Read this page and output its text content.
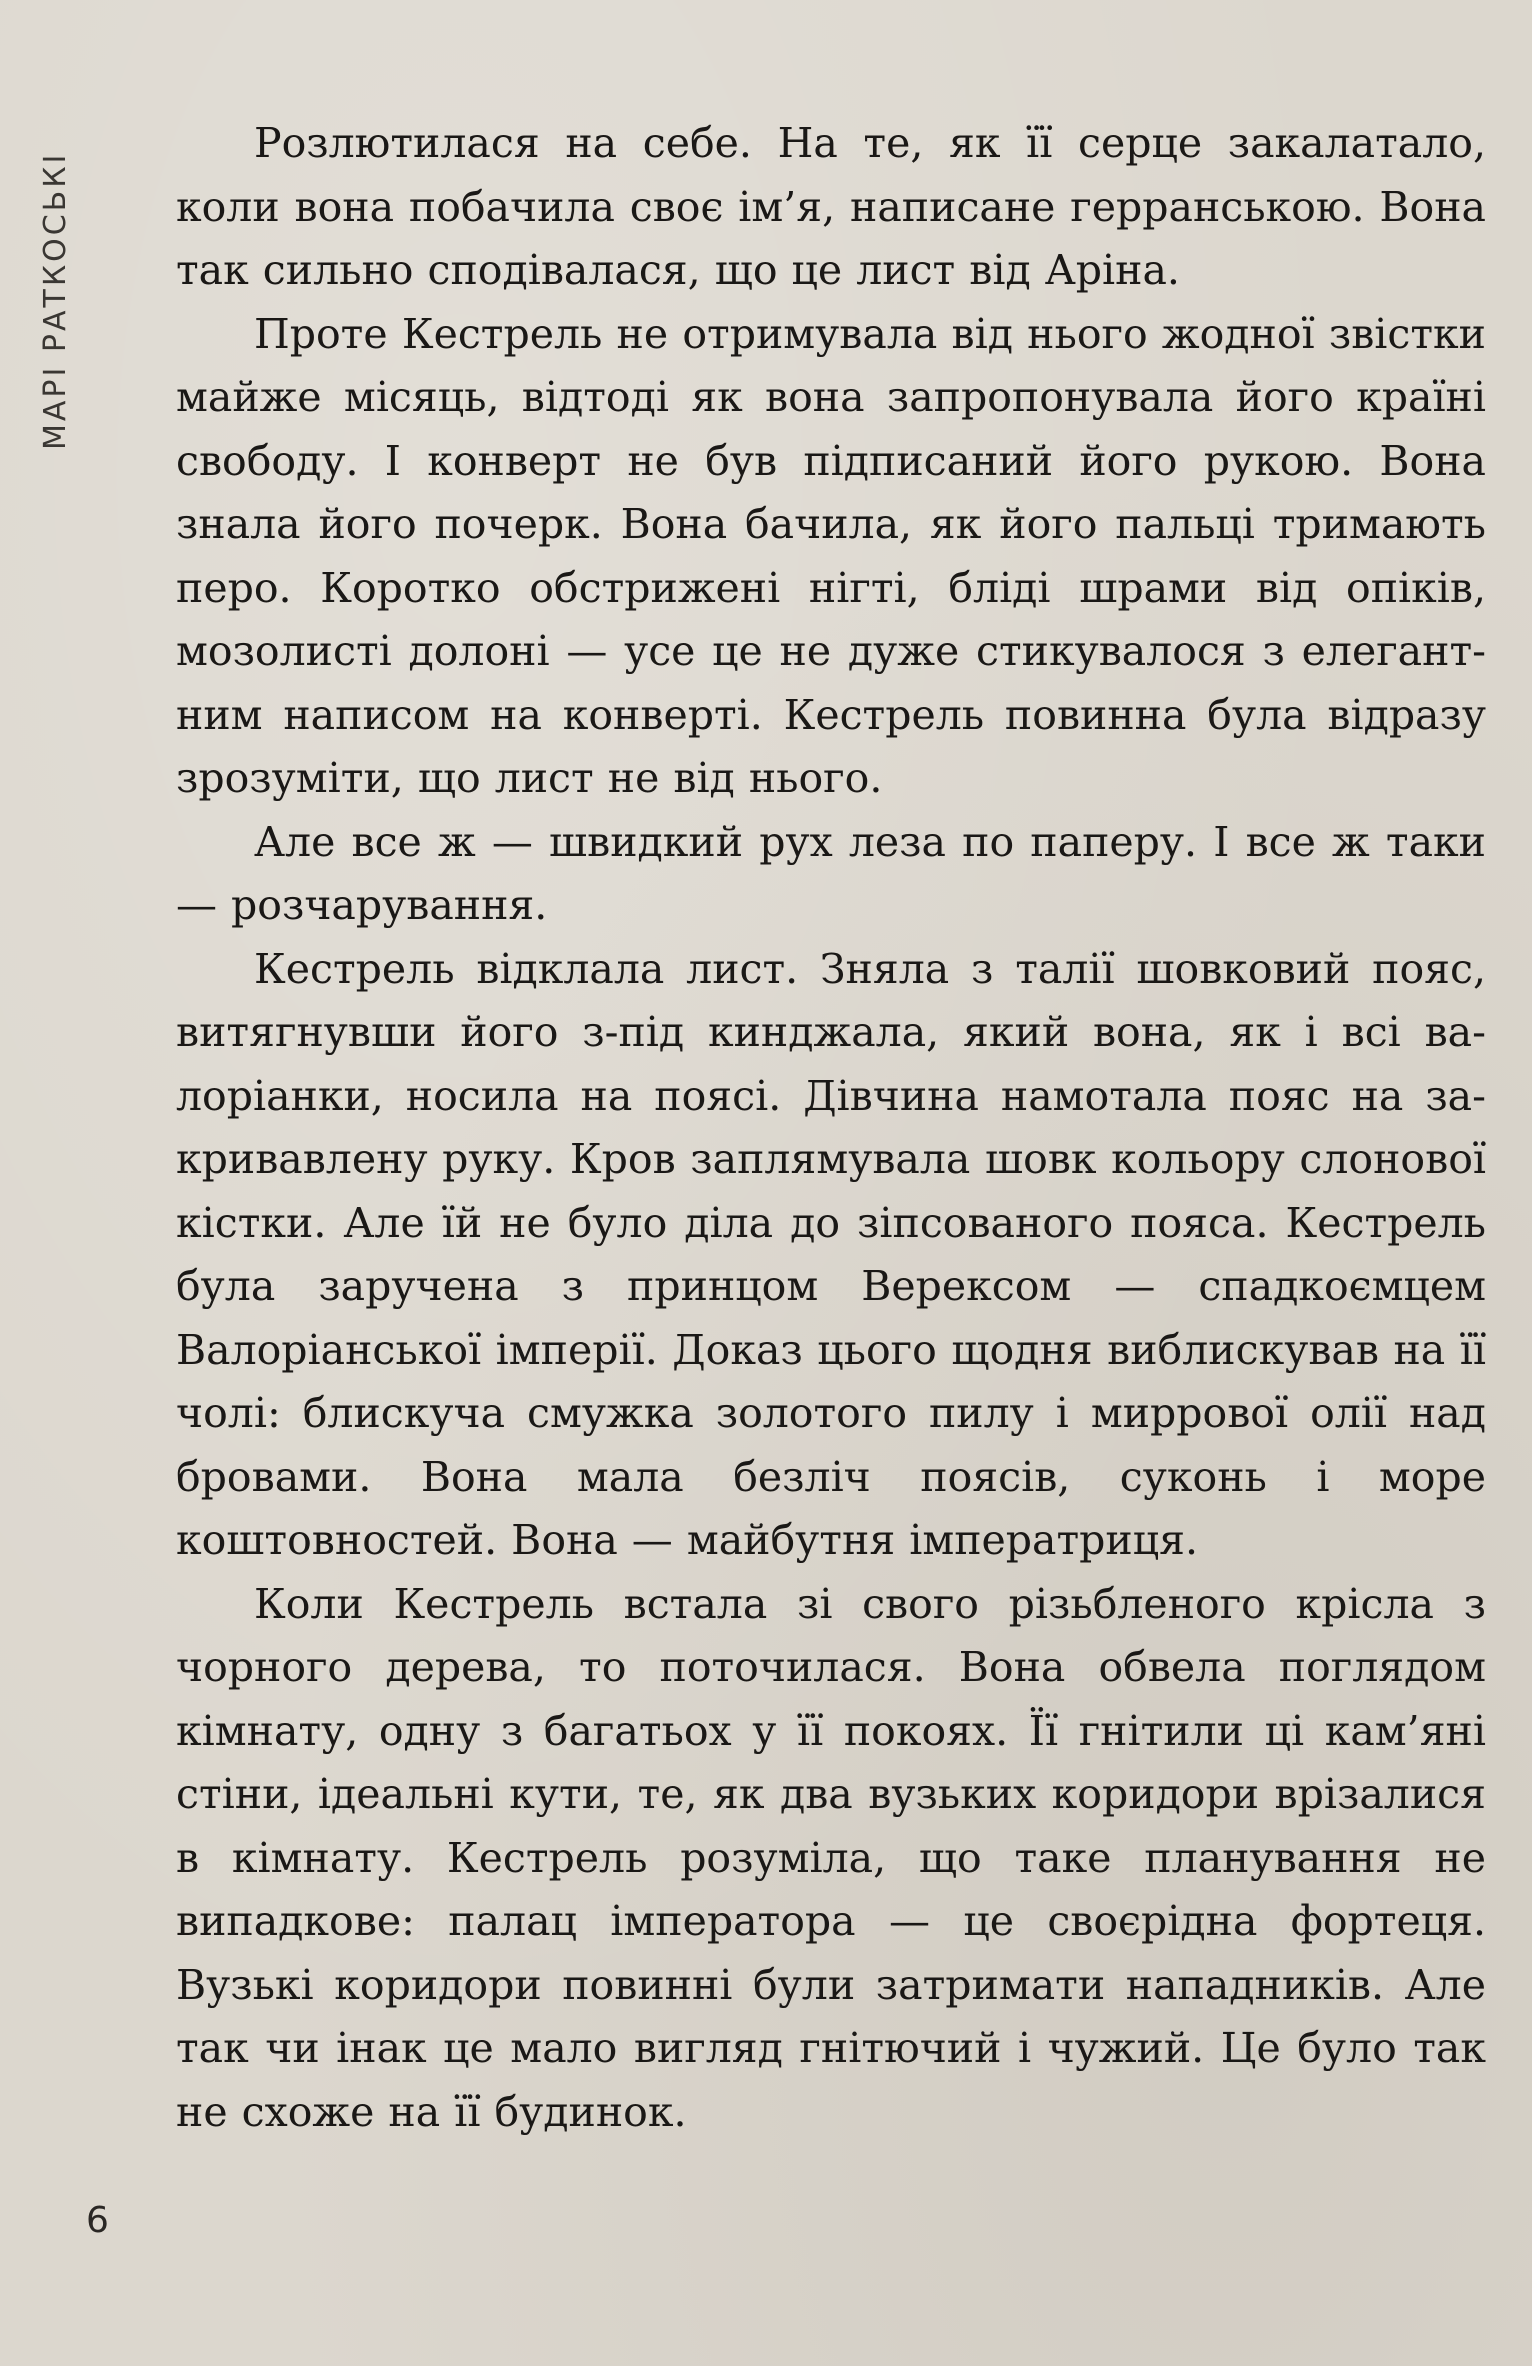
МАРІ РАТКОСЬКІ

Розлютилася на себе. На те, як її серце закалатало, коли вона побачила своє ім’я, написане герранською. Вона так сильно сподівалася, що це лист від Аріна.

Проте Кестрель не отримувала від нього жодної звістки майже місяць, відтоді як вона запропонувала його країні свободу. І конверт не був підписаний його рукою. Вона знала його почерк. Вона бачила, як його пальці тримають перо. Коротко обстрижені нігті, бліді шрами від опіків, мозолисті долоні — усе це не дуже стикувалося з елегантним написом на конверті. Кестрель повинна була відразу зрозуміти, що лист не від нього.

Але все ж — швидкий рух леза по паперу. І все ж таки — розчарування.

Кестрель відклала лист. Зняла з талії шовковий пояс, витягнувши його з-під кинджала, який вона, як і всі валоріанки, носила на поясі. Дівчина намотала пояс на закривавлену руку. Кров заплямувала шовк кольору слонової кістки. Але їй не було діла до зіпсованого пояса. Кестрель була заручена з принцом Верексом — спадкоємцем Валоріанської імперії. Доказ цього щодня виблискував на її чолі: блискуча смужка золотого пилу і миррової олії над бровами. Вона мала безліч поясів, суконь і море коштовностей. Вона — майбутня імператриця.

Коли Кестрель встала зі свого різьбленого крісла з чорного дерева, то поточилася. Вона обвела поглядом кімнату, одну з багатьох у її покоях. Її гнітили ці кам’яні стіни, ідеальні кути, те, як два вузьких коридори врізалися в кімнату. Кестрель розуміла, що таке планування не випадкове: палац імператора — це своєрідна фортеця. Вузькі коридори повинні були затримати нападників. Але так чи інак це мало вигляд гнітючий і чужий. Це було так не схоже на її будинок.

6
